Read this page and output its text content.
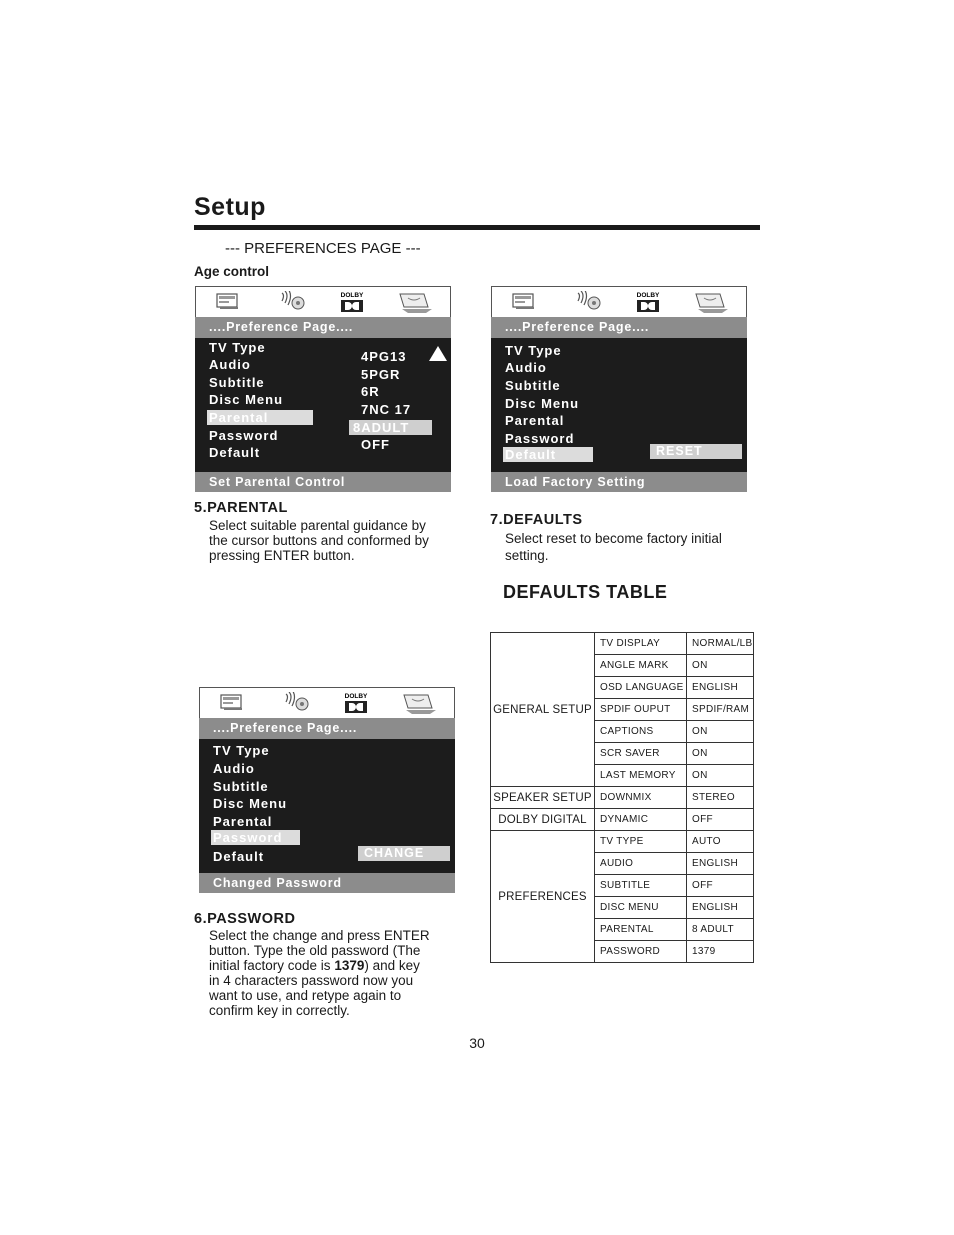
Setup
--- PREFERENCES PAGE ---
Age control
DOLBY
....Preference Page....
TV Type
Audio
Subtitle
Disc Menu
Parental
Password
Default
4PG13
5PGR
6R
7NC 17
8ADULT
OFF
Set Parental Control
DOLBY
....Preference Page....
TV Type
Audio
Subtitle
Disc Menu
Parental
Password
Default	RESET
Load Factory Setting
5.PARENTAL
Select suitable parental guidance by
the cursor buttons and conformed by
pressing ENTER button.
7.DEFAULTS
Select reset to become factory initial
setting.
DEFAULTS TABLE
DOLBY
....Preference Page....
TV Type
Audio
Subtitle
Disc Menu
Parental
Password
Default	CHANGE
Changed Password
6.PASSWORD
Select the change and press ENTER
button. Type the old password (The
initial factory code is 1379) and key
in 4 characters password now you
want to use, and retype again to
confirm key in correctly.
GENERAL SETUP	TV DISPLAY	NORMAL/LB
	ANGLE MARK	ON
	OSD LANGUAGE	ENGLISH
	SPDIF OUPUT	SPDIF/RAM
	CAPTIONS	ON
	SCR SAVER	ON
	LAST MEMORY	ON
SPEAKER SETUP	DOWNMIX	STEREO
DOLBY DIGITAL	DYNAMIC	OFF
PREFERENCES	TV TYPE	AUTO
	AUDIO	ENGLISH
	SUBTITLE	OFF
	DISC MENU	ENGLISH
	PARENTAL	8 ADULT
	PASSWORD	1379
30
